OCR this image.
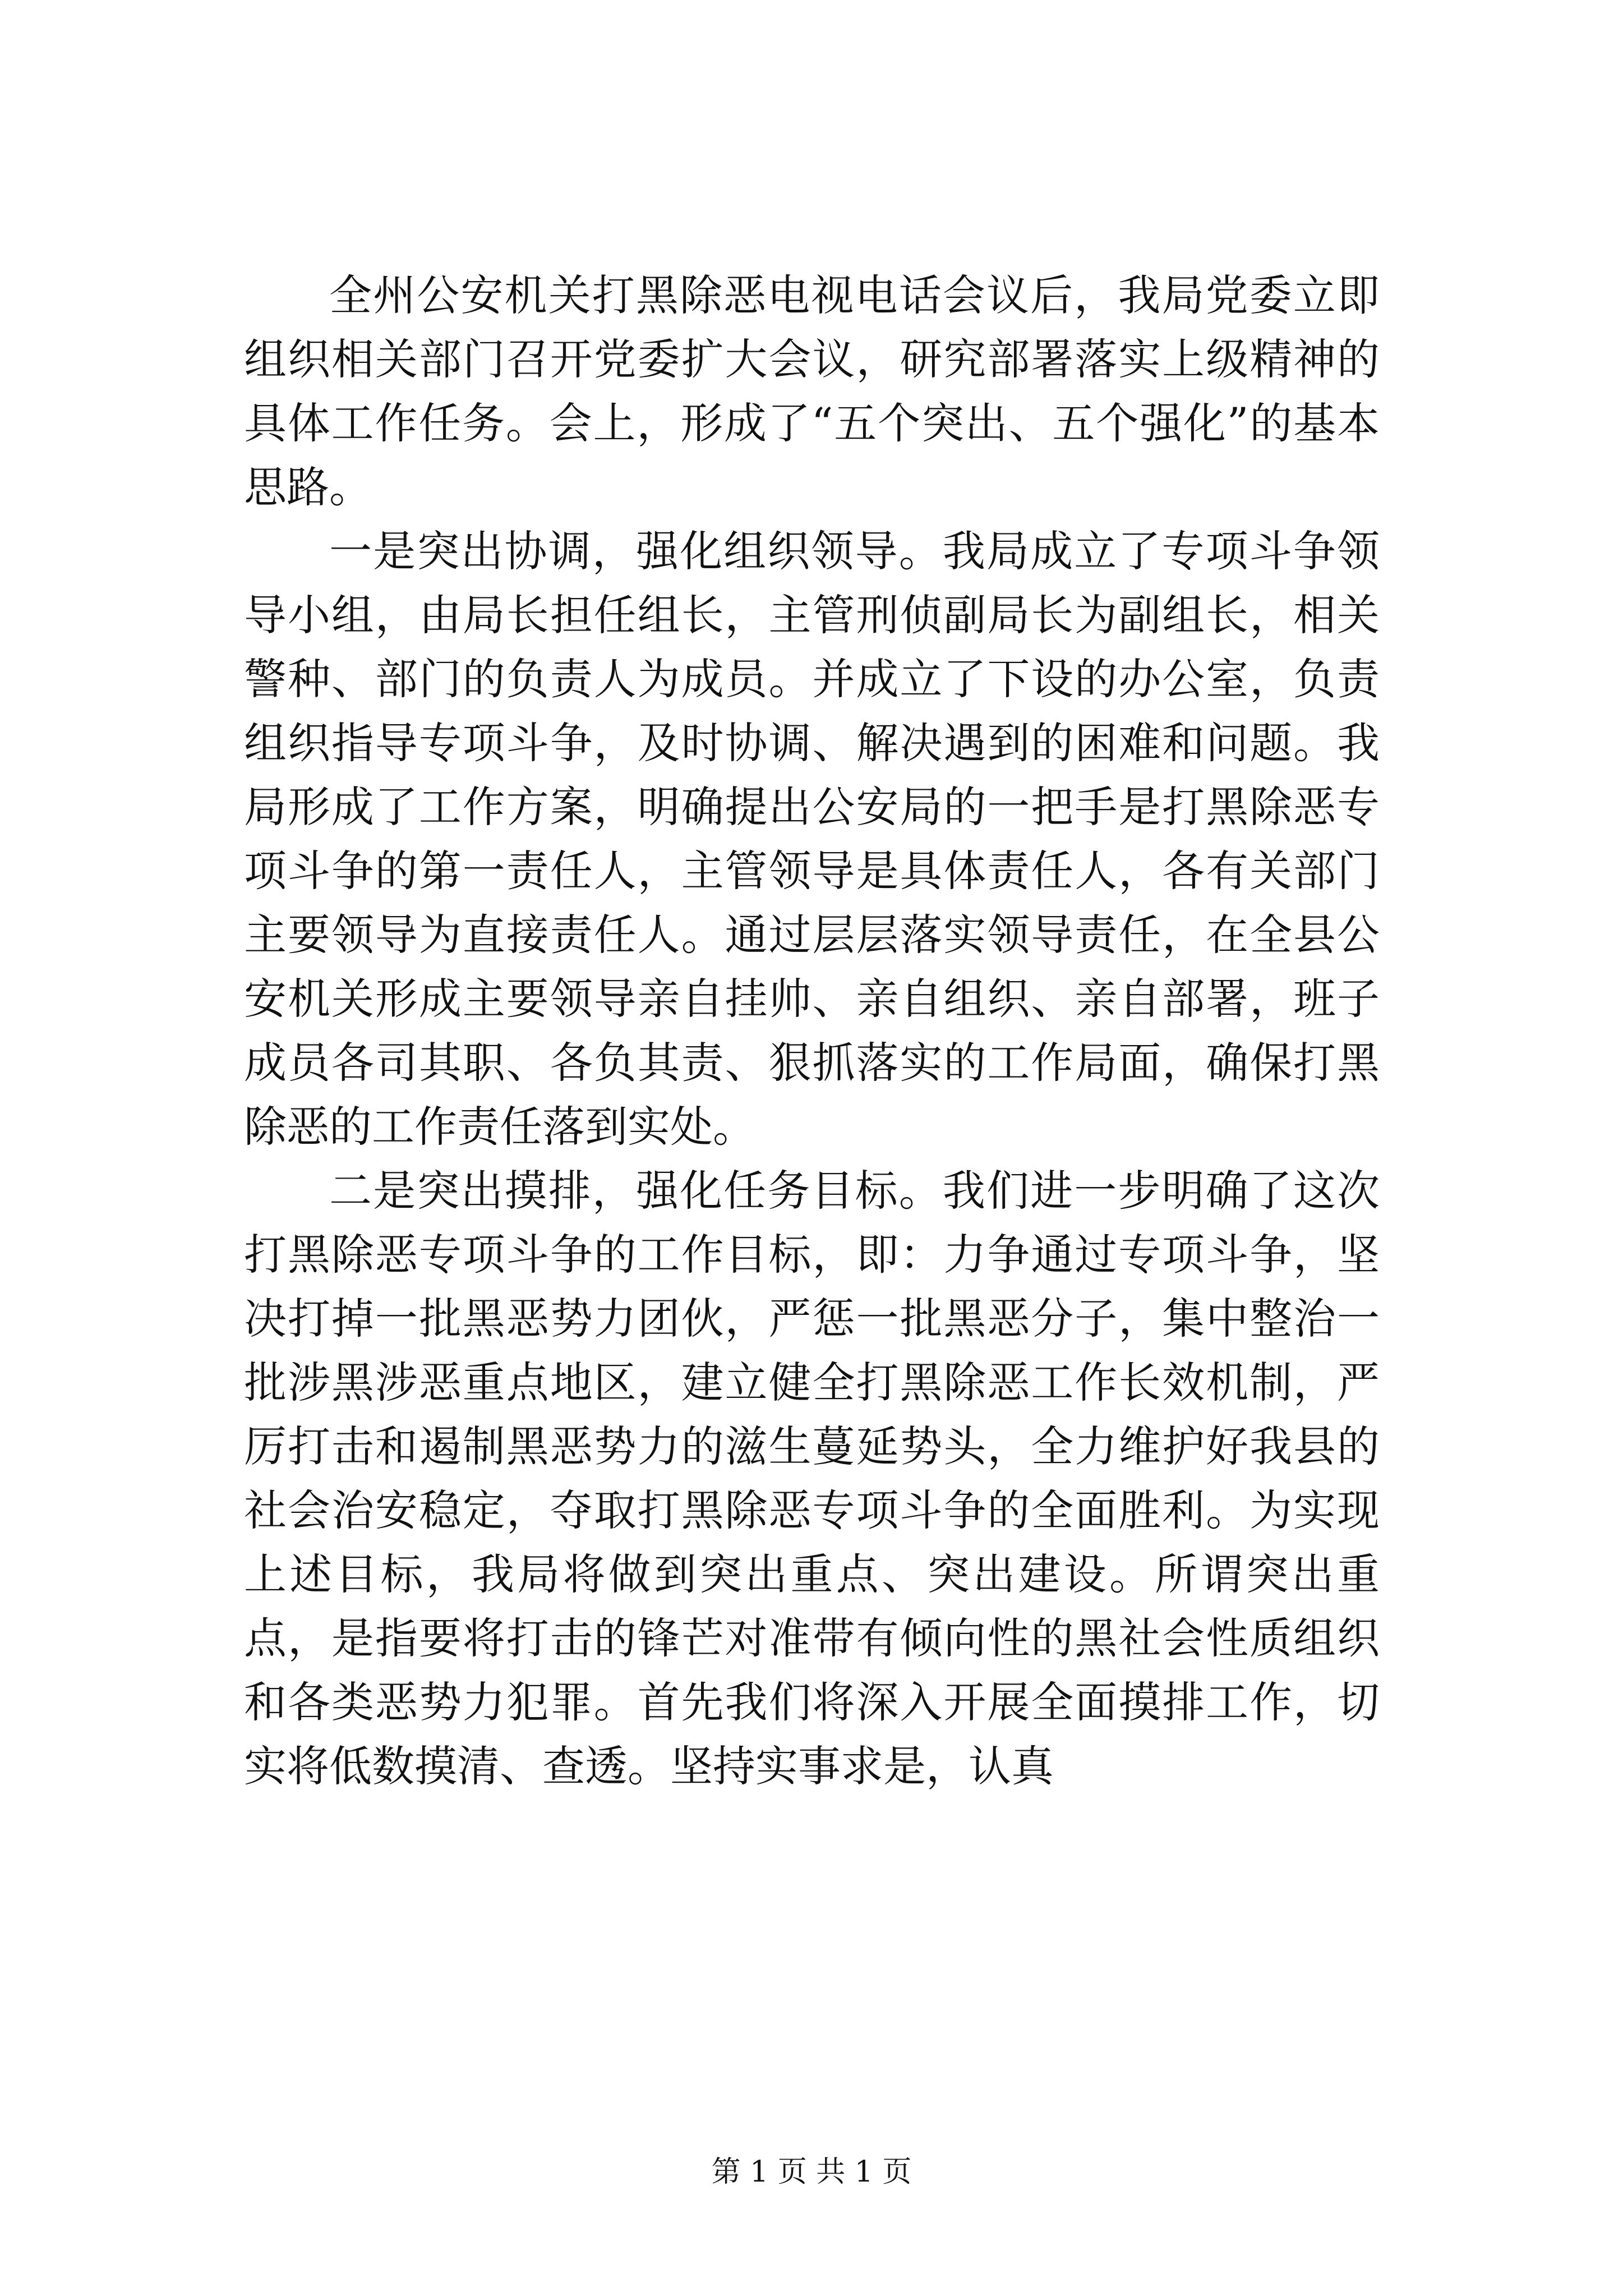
全州公安机关打黑除恶电视电话会议后，我局党委立即组织相关部门召开党委扩大会议，研究部署落实上级精神的具体工作任务。会上，形成了“五个突出、五个强化”的基本思路。

一是突出协调，强化组织领导。我局成立了专项斗争领导小组，由局长担任组长，主管刑侦副局长为副组长，相关警种、部门的负责人为成员。并成立了下设的办公室，负责组织指导专项斗争，及时协调、解决遇到的困难和问题。我局形成了工作方案，明确提出公安局的一把手是打黑除恶专项斗争的第一责任人，主管领导是具体责任人，各有关部门主要领导为直接责任人。通过层层落实领导责任，在全县公安机关形成主要领导亲自挂帅、亲自组织、亲自部署，班子成员各司其职、各负其责、狠抓落实的工作局面，确保打黑除恶的工作责任落到实处。

二是突出摸排，强化任务目标。我们进一步明确了这次打黑除恶专项斗争的工作目标，即：力争通过专项斗争，坚决打掉一批黑恶势力团伙，严惩一批黑恶分子，集中整治一批涉黑涉恶重点地区，建立健全打黑除恶工作长效机制，严厉打击和遏制黑恶势力的滋生蔓延势头，全力维护好我县的社会治安稳定，夺取打黑除恶专项斗争的全面胜利。为实现上述目标，我局将做到突出重点、突出建设。所谓突出重点，是指要将打击的锋芒对准带有倾向性的黑社会性质组织和各类恶势力犯罪。首先我们将深入开展全面摸排工作，切实将低数摸清、查透。坚持实事求是，认真

第 1 页 共 1 页
